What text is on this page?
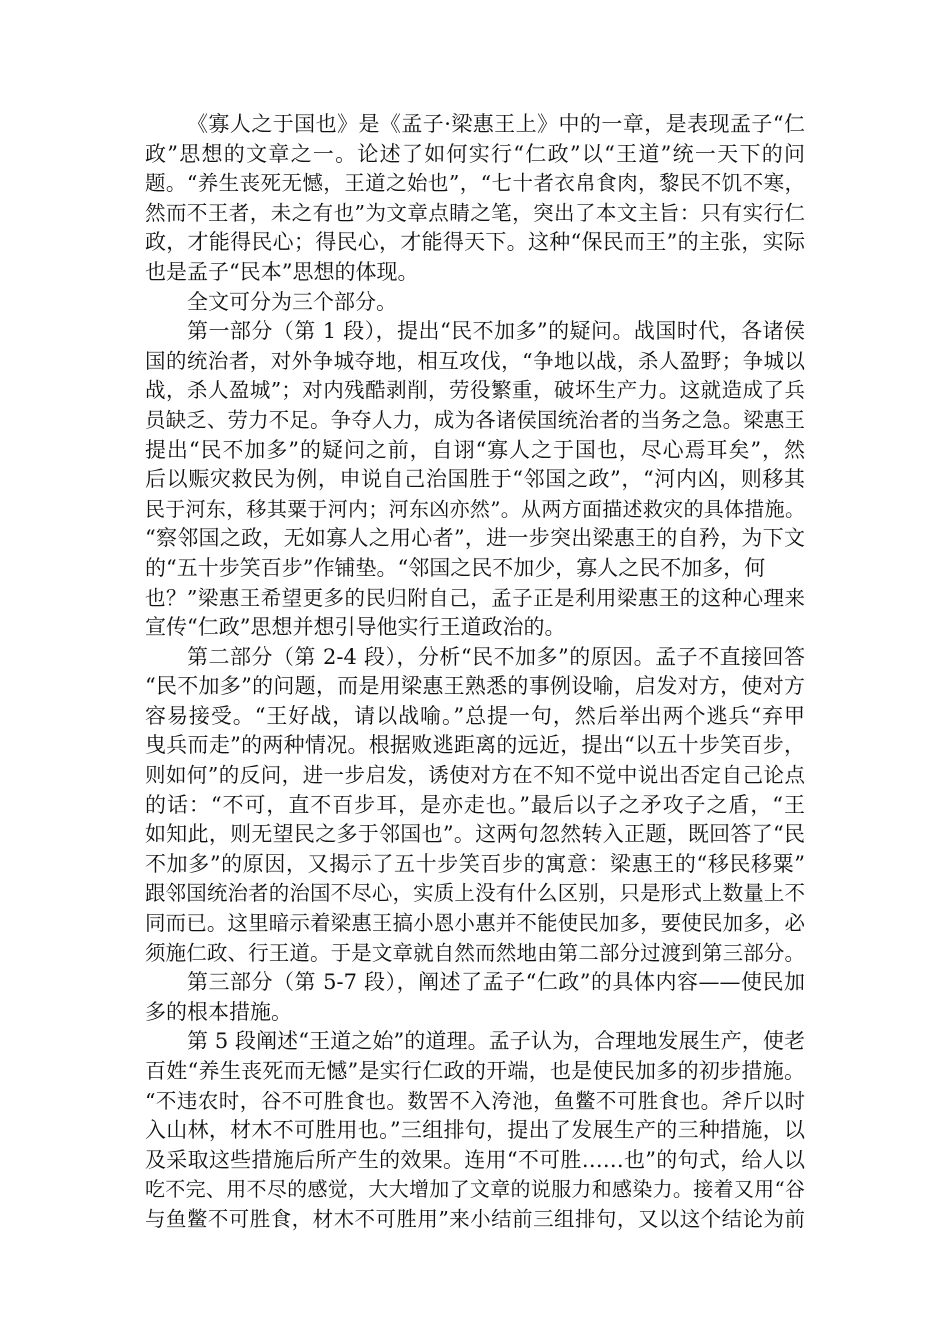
《寡人之于国也》是《孟子·梁惠王上》中的一章，是表现孟子“仁
政”思想的文章之一。论述了如何实行“仁政”以“王道”统一天下的问
题。“养生丧死无憾，王道之始也”，“七十者衣帛食肉，黎民不饥不寒，
然而不王者，未之有也”为文章点睛之笔，突出了本文主旨：只有实行仁
政，才能得民心；得民心，才能得天下。这种“保民而王”的主张，实际
也是孟子“民本”思想的体现。
全文可分为三个部分。
第一部分（第 1 段），提出“民不加多”的疑问。战国时代，各诸侯
国的统治者，对外争城夺地，相互攻伐，“争地以战，杀人盈野；争城以
战，杀人盈城”；对内残酷剥削，劳役繁重，破坏生产力。这就造成了兵
员缺乏、劳力不足。争夺人力，成为各诸侯国统治者的当务之急。梁惠王
提出“民不加多”的疑问之前，自诩“寡人之于国也，尽心焉耳矣”，然
后以赈灾救民为例，申说自己治国胜于“邻国之政”，“河内凶，则移其
民于河东，移其粟于河内；河东凶亦然”。从两方面描述救灾的具体措施。
“察邻国之政，无如寡人之用心者”，进一步突出梁惠王的自矜，为下文
的“五十步笑百步”作铺垫。“邻国之民不加少，寡人之民不加多，何
也？”梁惠王希望更多的民归附自己，孟子正是利用梁惠王的这种心理来
宣传“仁政”思想并想引导他实行王道政治的。
第二部分（第 2-4 段），分析“民不加多”的原因。孟子不直接回答
“民不加多”的问题，而是用梁惠王熟悉的事例设喻，启发对方，使对方
容易接受。“王好战，请以战喻。”总提一句，然后举出两个逃兵“弃甲
曳兵而走”的两种情况。根据败逃距离的远近，提出“以五十步笑百步，
则如何”的反问，进一步启发，诱使对方在不知不觉中说出否定自己论点
的话：“不可，直不百步耳，是亦走也。”最后以子之矛攻子之盾，“王
如知此，则无望民之多于邻国也”。这两句忽然转入正题，既回答了“民
不加多”的原因，又揭示了五十步笑百步的寓意：梁惠王的“移民移粟”
跟邻国统治者的治国不尽心，实质上没有什么区别，只是形式上数量上不
同而已。这里暗示着梁惠王搞小恩小惠并不能使民加多，要使民加多，必
须施仁政、行王道。于是文章就自然而然地由第二部分过渡到第三部分。
第三部分（第 5-7 段），阐述了孟子“仁政”的具体内容——使民加
多的根本措施。
第 5 段阐述“王道之始”的道理。孟子认为，合理地发展生产，使老
百姓“养生丧死而无憾”是实行仁政的开端，也是使民加多的初步措施。
“不违农时，谷不可胜食也。数罟不入洿池，鱼鳖不可胜食也。斧斤以时
入山林，材木不可胜用也。”三组排句，提出了发展生产的三种措施，以
及采取这些措施后所产生的效果。连用“不可胜……也”的句式，给人以
吃不完、用不尽的感觉，大大增加了文章的说服力和感染力。接着又用“谷
与鱼鳖不可胜食，材木不可胜用”来小结前三组排句，又以这个结论为前
